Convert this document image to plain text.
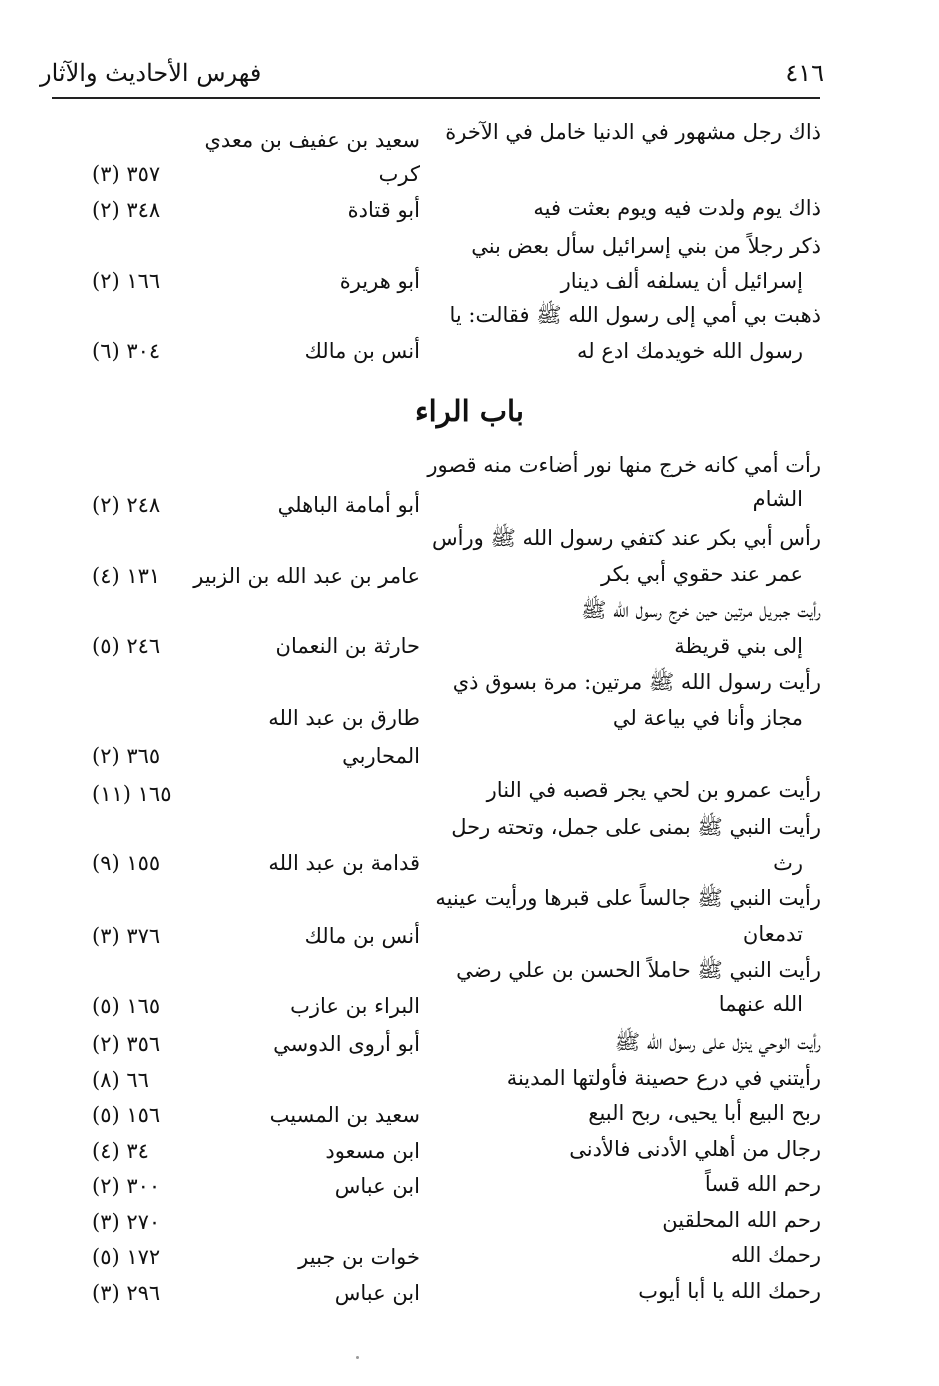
٤١٦
فهرس الأحاديث والآثار
ذاك رجل مشهور في الدنيا خامل في الآخرة
سعيد بن عفيف بن معدي
كرب
٣٥٧ (٣)
ذاك يوم ولدت فيه ويوم بعثت فيه
أبو قتادة
٣٤٨ (٢)
ذكر رجلاً من بني إسرائيل سأل بعض بني
إسرائيل أن يسلفه ألف دينار
أبو هريرة
١٦٦ (٢)
ذهبت بي أمي إلى رسول الله ﷺ فقالت: يا
رسول الله خويدمك ادع له
أنس بن مالك
٣٠٤ (٦)
باب الراء
رأت أمي كانه خرج منها نور أضاءت منه قصور
الشام
أبو أمامة الباهلي
٢٤٨ (٢)
رأس أبي بكر عند كتفي رسول الله ﷺ ورأس
عمر عند حقوي أبي بكر
عامر بن عبد الله بن الزبير
١٣١ (٤)
رأيت جبريل مرتين حين خرج رسول الله ﷺ
إلى بني قريظة
حارثة بن النعمان
٢٤٦ (٥)
رأيت رسول الله ﷺ مرتين: مرة بسوق ذي
مجاز وأنا في بياعة لي
طارق بن عبد الله
المحاربي
٣٦٥ (٢)
رأيت عمرو بن لحي يجر قصبه في النار
١٦٥ (١١)
رأيت النبي ﷺ بمنى على جمل، وتحته رحل
رث
قدامة بن عبد الله
١٥٥ (٩)
رأيت النبي ﷺ جالساً على قبرها ورأيت عينيه
تدمعان
أنس بن مالك
٣٧٦ (٣)
رأيت النبي ﷺ حاملاً الحسن بن علي رضي
الله عنهما
البراء بن عازب
١٦٥ (٥)
رأيت الوحي ينزل على رسول الله ﷺ
أبو أروى الدوسي
٣٥٦ (٢)
رأيتني في درع حصينة فأولتها المدينة
٦٦ (٨)
ربح البيع أبا يحيى، ربح البيع
سعيد بن المسيب
١٥٦ (٥)
رجال من أهلي الأدنى فالأدنى
ابن مسعود
٣٤ (٤)
رحم الله قساً
ابن عباس
٣٠٠ (٢)
رحم الله المحلقين
٢٧٠ (٣)
رحمك الله
خوات بن جبير
١٧٢ (٥)
رحمك الله يا أبا أيوب
ابن عباس
٢٩٦ (٣)
